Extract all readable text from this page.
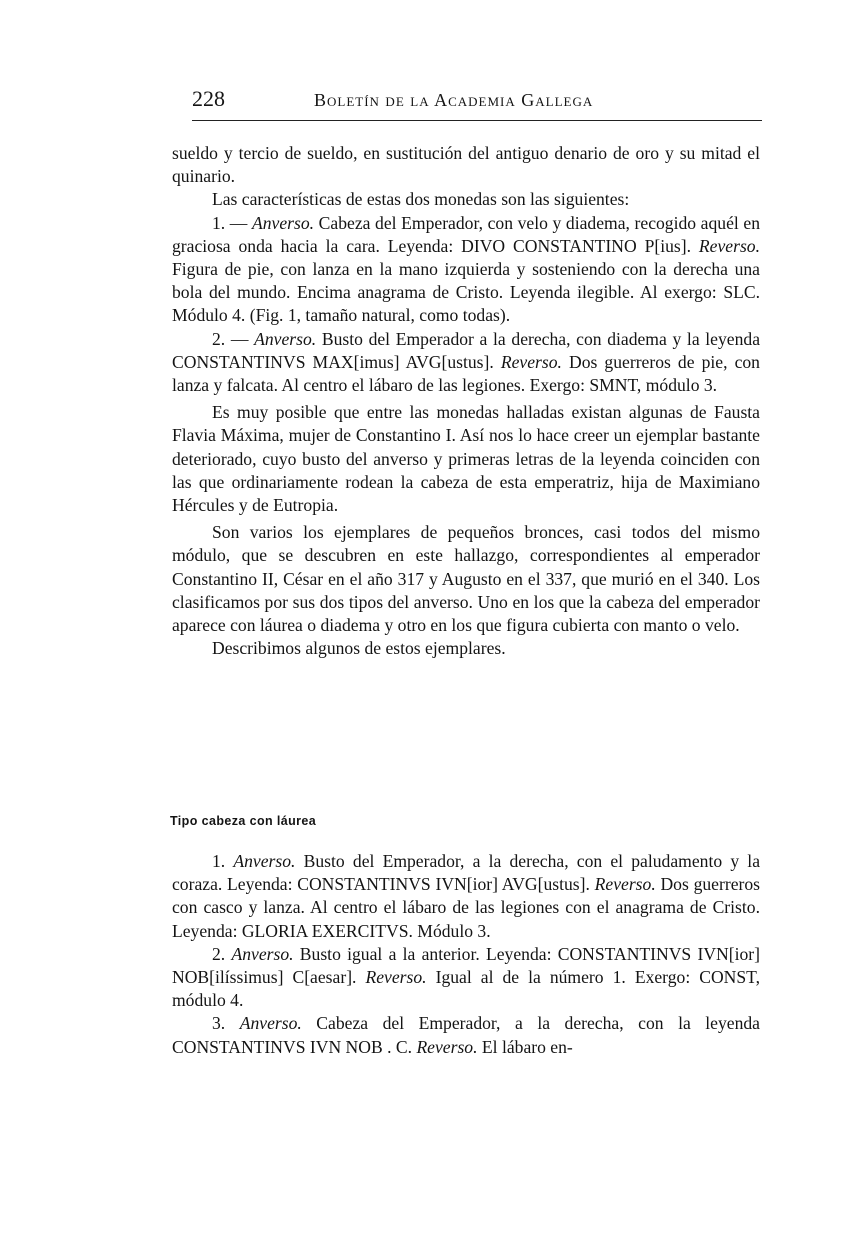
228	Boletín de la Academia Gallega

sueldo y tercio de sueldo, en sustitución del antiguo denario de oro y su mitad el quinario.

Las características de estas dos monedas son las siguientes:

1. — Anverso. Cabeza del Emperador, con velo y diadema, recogido aquél en graciosa onda hacia la cara. Leyenda: DIVO CONSTANTINO P[ius]. Reverso. Figura de pie, con lanza en la mano izquierda y sosteniendo con la derecha una bola del mundo. Encima anagrama de Cristo. Leyenda ilegible. Al exergo: SLC. Módulo 4. (Fig. 1, tamaño natural, como todas).

2. — Anverso. Busto del Emperador a la derecha, con diadema y la leyenda CONSTANTINVS MAX[imus] AVG[ustus]. Reverso. Dos guerreros de pie, con lanza y falcata. Al centro el lábaro de las legiones. Exergo: SMNT, módulo 3.

Es muy posible que entre las monedas halladas existan algunas de Fausta Flavia Máxima, mujer de Constantino I. Así nos lo hace creer un ejemplar bastante deteriorado, cuyo busto del anverso y primeras letras de la leyenda coinciden con las que ordinariamente rodean la cabeza de esta emperatriz, hija de Maximiano Hércules y de Eutropia.

Son varios los ejemplares de pequeños bronces, casi todos del mismo módulo, que se descubren en este hallazgo, correspondientes al emperador Constantino II, César en el año 317 y Augusto en el 337, que murió en el 340. Los clasificamos por sus dos tipos del anverso. Uno en los que la cabeza del emperador aparece con láurea o diadema y otro en los que figura cubierta con manto o velo.

Describimos algunos de estos ejemplares.

Tipo cabeza con láurea

1. Anverso. Busto del Emperador, a la derecha, con el paludamento y la coraza. Leyenda: CONSTANTINVS IVN[ior] AVG[ustus]. Reverso. Dos guerreros con casco y lanza. Al centro el lábaro de las legiones con el anagrama de Cristo. Leyenda: GLORIA EXERCITVS. Módulo 3.

2. Anverso. Busto igual a la anterior. Leyenda: CONSTANTINVS IVN[ior] NOB[ilíssimus] C[aesar]. Reverso. Igual al de la número 1. Exergo: CONST, módulo 4.

3. Anverso. Cabeza del Emperador, a la derecha, con la leyenda CONSTANTINVS IVN NOB . C. Reverso. El lábaro en-
